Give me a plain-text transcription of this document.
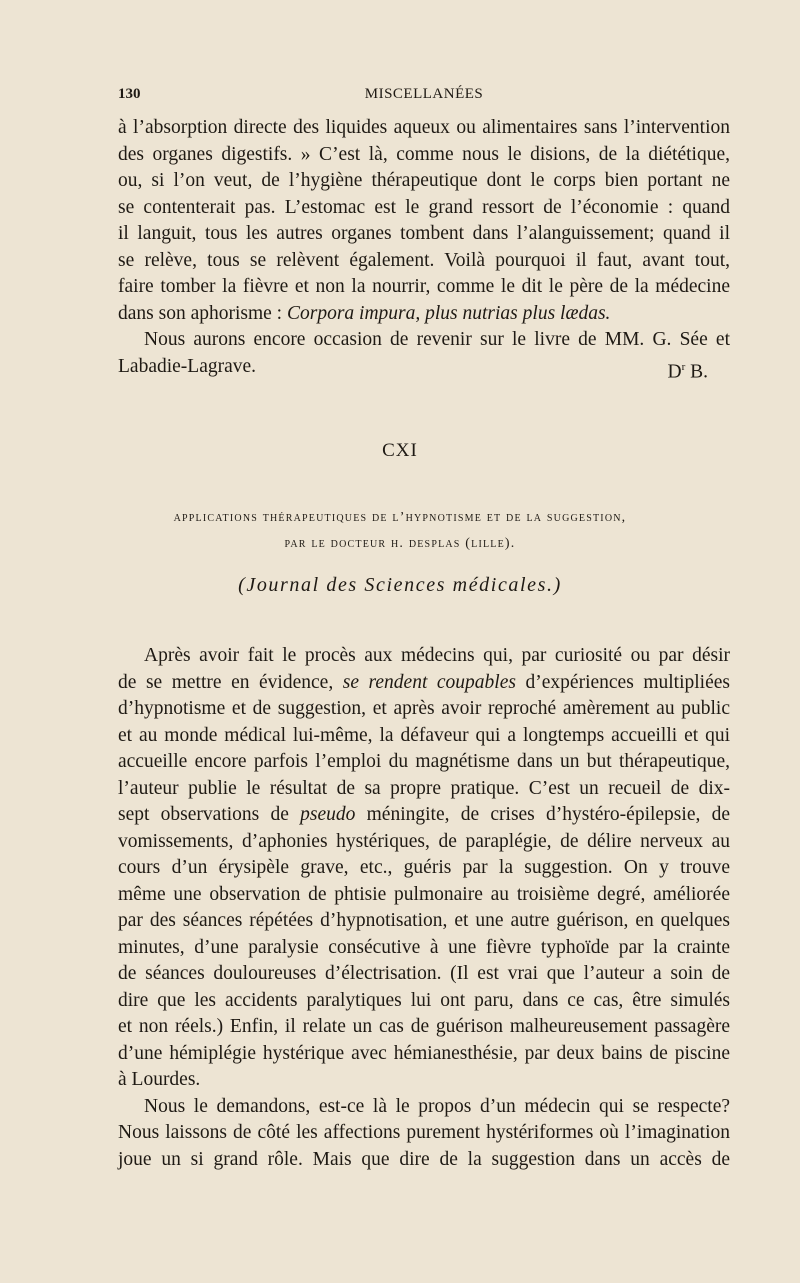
130	MISCELLANÉES
à l’absorption directe des liquides aqueux ou alimentaires sans l’intervention
des organes digestifs. » C’est là, comme nous le disions, de la diététique,
ou, si l’on veut, de l’hygiène thérapeutique dont le corps bien portant ne
se contenterait pas. L’estomac est le grand ressort de l’économie : quand
il languit, tous les autres organes tombent dans l’alanguissement; quand il
se relève, tous se relèvent également. Voilà pourquoi il faut, avant tout,
faire tomber la fièvre et non la nourrir, comme le dit le père de la médecine
dans son aphorisme : Corpora impura, plus nutrias plus lædas.
Nous aurons encore occasion de revenir sur le livre de MM. G. Sée et
Labadie-Lagrave.	$D^r$ B.
CXI
applications thérapeutiques de l’hypnotisme et de la suggestion,
par le docteur h. desplas (lille).
(Journal des Sciences médicales.)
Après avoir fait le procès aux médecins qui, par curiosité ou par désir
de se mettre en évidence, se rendent coupables d’expériences multipliées
d’hypnotisme et de suggestion, et après avoir reproché amèrement au public
et au monde médical lui-même, la défaveur qui a longtemps accueilli et qui
accueille encore parfois l’emploi du magnétisme dans un but thérapeutique,
l’auteur publie le résultat de sa propre pratique. C’est un recueil de dix-
sept observations de pseudo méningite, de crises d’hystéro-épilepsie, de
vomissements, d’aphonies hystériques, de paraplégie, de délire nerveux au
cours d’un érysipèle grave, etc., guéris par la suggestion. On y trouve
même une observation de phtisie pulmonaire au troisième degré, améliorée
par des séances répétées d’hypnotisation, et une autre guérison, en quelques
minutes, d’une paralysie consécutive à une fièvre typhoïde par la crainte
de séances douloureuses d’électrisation. (Il est vrai que l’auteur a soin de
dire que les accidents paralytiques lui ont paru, dans ce cas, être simulés
et non réels.) Enfin, il relate un cas de guérison malheureusement passagère
d’une hémiplégie hystérique avec hémianesthésie, par deux bains de piscine
à Lourdes.
Nous le demandons, est-ce là le propos d’un médecin qui se respecte?
Nous laissons de côté les affections purement hystériformes où l’imagination
joue un si grand rôle. Mais que dire de la suggestion dans un accès de
